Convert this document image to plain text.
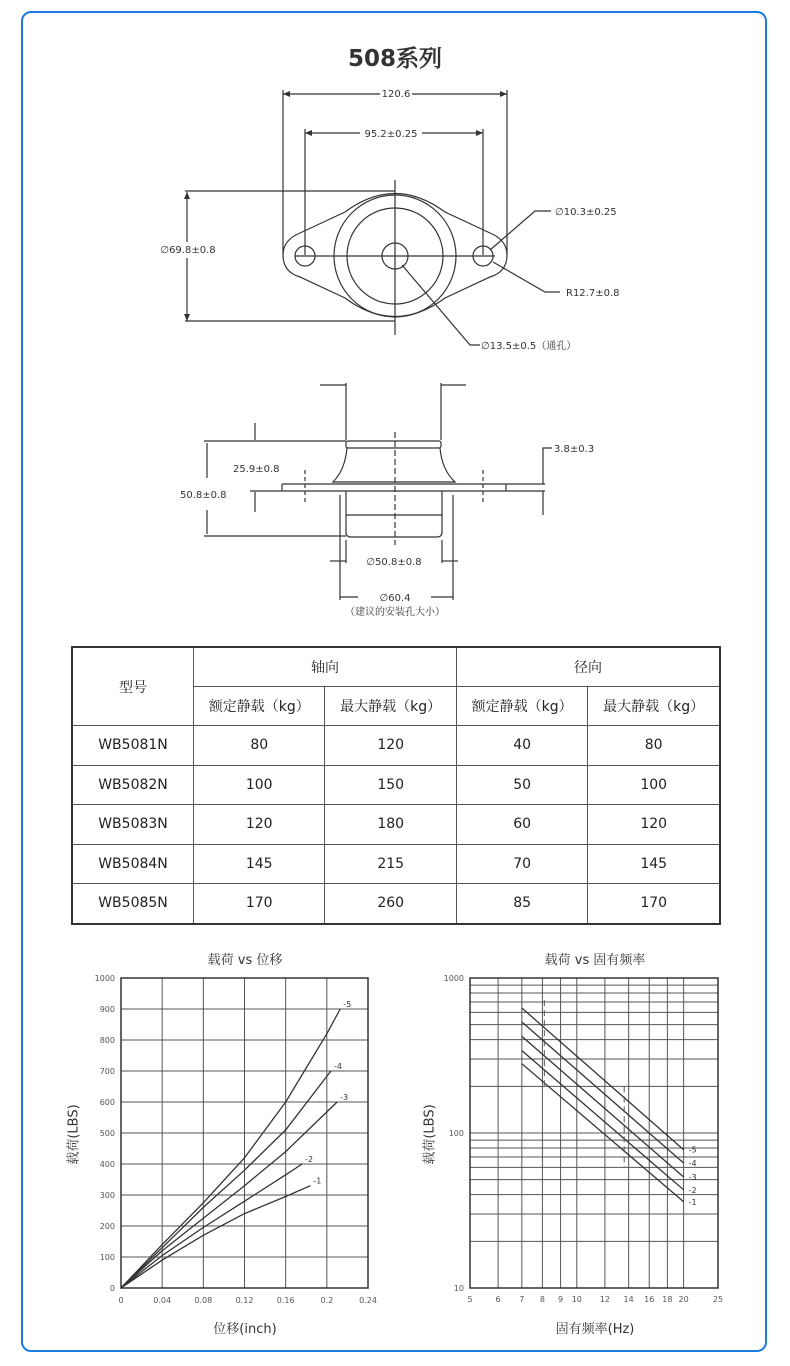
508系列
120.6
95.2±0.25
∅69.8±0.8
∅10.3±0.25
R12.7±0.8
∅13.5±0.5（通孔）
25.9±0.8
50.8±0.8
3.8±0.3
∅50.8±0.8
∅60.4
（建议的安装孔大小）
型号	轴向		径向	
	额定静载（kg）	最大静载（kg）	额定静载（kg）	最大静载（kg）
WB5081N	80	120	40	80
WB5082N	100	150	50	100
WB5083N	120	180	60	120
WB5084N	145	215	70	145
WB5085N	170	260	85	170
载荷 vs 位移
位移(inch)
载荷(LBS)
0	0.04	0.08	0.12	0.16	0.2	0.24
0
100
200
300
400
500
600
700
800
900
1000
-1
-2
-3
-4
-5
载荷 vs 固有频率
固有频率(Hz)
载荷(LBS)
5	6 7 8 9 10 12 14 16 18 20	25
10
100
1000
-1
-2
-3
-4
-5
